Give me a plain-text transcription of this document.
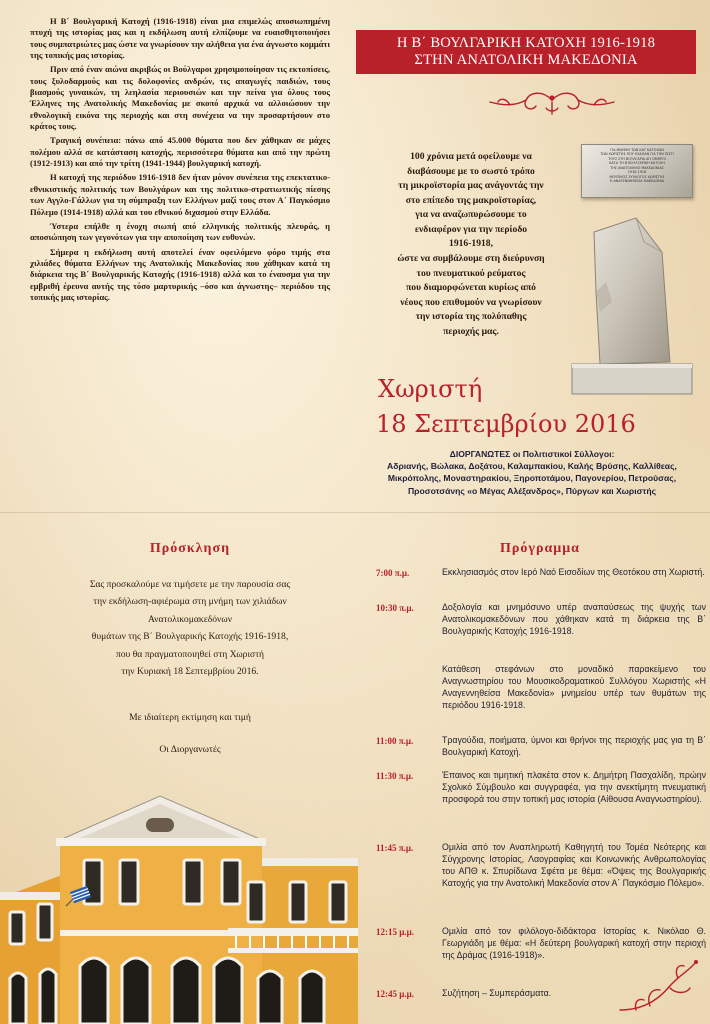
Η Β΄ Βουλγαρική Κατοχή (1916-1918) είναι μια επιμελώς αποσιωπημένη πτυχή της ιστορίας μας και η εκδήλωση αυτή ελπίζουμε να ευαισθητοποιήσει τους συμπατριώτες μας ώστε να γνωρίσουν την αλήθεια για ένα άγνωστο κομμάτι της τοπικής μας ιστορίας.

Πριν από έναν αιώνα ακριβώς οι Βούλγαροι χρησιμοποίησαν τις εκτοπίσεις, τους ξυλοδαρμούς και τις δολοφονίες ανδρών, τις απαγωγές παιδιών, τους βιασμούς γυναικών, τη λεηλασία περιουσιών και την πείνα για όλους τους Έλληνες της Ανατολικής Μακεδονίας με σκοπό αρχικά να αλλοιώσουν την εθνολογική εικόνα της περιοχής και στη συνέχεια να την προσαρτήσουν στο κράτος τους.

Τραγική συνέπεια: πάνω από 45.000 θύματα που δεν χάθηκαν σε μάχες πολέμου αλλά σε κατάσταση κατοχής, περισσότερα θύματα και από την πρώτη (1912-1913) και από την τρίτη (1941-1944) βουλγαρική κατοχή.

Η κατοχή της περιόδου 1916-1918 δεν ήταν μόνον συνέπεια της επεκτατικο-εθνικιστικής πολιτικής των Βουλγάρων και της πολιτικο-στρατιωτικής πίεσης των Αγγλο-Γάλλων για τη σύμπραξη των Ελλήνων μαζί τους στον Α΄ Παγκόσμιο Πόλεμο (1914-1918) αλλά και του εθνικού διχασμού στην Ελλάδα.

Ύστερα επήλθε η ένοχη σιωπή από ελληνικής πολιτικής πλευράς, η αποσιώπηση των γεγονότων για την αποποίηση των ευθυνών.

Σήμερα η εκδήλωση αυτή αποτελεί έναν οφειλόμενο φόρο τιμής στα χιλιάδες θύματα Ελλήνων της Ανατολικής Μακεδονίας που χάθηκαν κατά τη διάρκεια της Β΄ Βουλγαρικής Κατοχής (1916-1918) αλλά και το έναυσμα για την εμβριθή έρευνα αυτής της τόσο μαρτυρικής –όσο και άγνωστης– περιόδου της τοπικής μας ιστορίας.

Η Β΄ ΒΟΥΛΓΑΡΙΚΗ ΚΑΤΟΧΗ 1916-1918
ΣΤΗΝ ΑΝΑΤΟΛΙΚΗ ΜΑΚΕΔΟΝΙΑ
100 χρόνια μετά οφείλουμε να
διαβάσουμε με το σωστό τρόπο
τη μικροϊστορία μας ανάγοντάς την
στο επίπεδο της μακροϊστορίας,
για να αναζωπυρώσουμε το
ενδιαφέρον για την περίοδο
1916-1918,
ώστε να συμβάλουμε στη διεύρυνση
του πνευματικού ρεύματος
που διαμορφώνεται κυρίως από
νέους που επιθυμούν να γνωρίσουν
την ιστορία της πολύπαθης
περιοχής μας.
ΓΙΑ ΜΝΗΜΗ ΤΩΝ ΚΑΤ ΚΑΤΟΧΩΝ
ΤΩΝ ΧΩΡΙΣΤΗΣ ΠΟΥ ΕΧΑΘΑΝ ΓΙΑ ΤΗΝ ΠΙΣΤΙ
ΤΟΥΣ ΣΤΗ ΒΟΥΛΓΑΡΙΑ ΑΠ ΟΜΗΡΟΙ
ΚΑΤΑ ΤΗ Β ΒΟΥΛΓΑΡΙΚΗ ΚΑΤΟΧΗ
ΤΗΣ ΑΝΑΤΟΛΙΚΗΣ ΜΑΚΕΔΟΝΙΑΣ
1916-1918
ΜΟΥΣΙΚΟΣ ΣΥΛΛΟΓΟΣ ΧΩΡΙΣΤΗΣ
Η ΑΝΑΓΕΝΝΗΘΕΙΣΑ ΜΑΚΕΔΟΝΙΑ
Χωριστή
18 Σεπτεμβρίου 2016
ΔΙΟΡΓΑΝΩΤΕΣ οι Πολιτιστικοί Σύλλογοι:
Αδριανής, Βώλακα, Δοξάτου, Καλαμπακίου, Καλής Βρύσης, Καλλίθεας,
Μικρόπολης, Μοναστηρακίου, Ξηροποτάμου, Παγονερίου, Πετρούσας,
Προσοτσάνης «ο Μέγας Αλέξανδρος», Πύργων και Χωριστής
Πρόσκληση
Σας προσκαλούμε να τιμήσετε με την παρουσία σας
την εκδήλωση-αφιέρωμα στη μνήμη των χιλιάδων
Ανατολικομακεδόνων
θυμάτων της Β΄ Βουλγαρικής Κατοχής 1916-1918,
που θα πραγματοποιηθεί στη Χωριστή
την Κυριακή 18 Σεπτεμβρίου 2016.
Με ιδιαίτερη εκτίμηση και τιμή
Οι Διοργανωτές
Πρόγραμμα
7:00 π.μ.	Εκκλησιασμός στον Ιερό Ναό Εισοδίων της Θεοτόκου στη Χωριστή.
10:30 π.μ.	Δοξολογία και μνημόσυνο υπέρ αναπαύσεως της ψυχής των Ανατολικομακεδόνων που χάθηκαν κατά τη διάρκεια της Β΄ Βουλγαρικής Κατοχής 1916-1918.
Κατάθεση στεφάνων στο μοναδικό παρακείμενο του Αναγνωστηρίου του Μουσικοδραματικού Συλλόγου Χωριστής «Η Αναγεννηθείσα Μακεδονία» μνημείου υπέρ των θυμάτων της περιόδου 1916-1918.
11:00 π.μ.	Τραγούδια, ποιήματα, ύμνοι και θρήνοι της περιοχής μας για τη Β΄ Βουλγαρική Κατοχή.
11:30 π.μ.	Έπαινος και τιμητική πλακέτα στον κ. Δημήτρη Πασχαλίδη, πρώην Σχολικό Σύμβουλο και συγγραφέα, για την ανεκτίμητη πνευματική προσφορά του στην τοπική μας ιστορία (Αίθουσα Αναγνωστηρίου).
11:45 π.μ.	Ομιλία από τον Αναπληρωτή Καθηγητή του Τομέα Νεότερης και Σύγχρονης Ιστορίας, Λαογραφίας και Κοινωνικής Ανθρωπολογίας του ΑΠΘ κ. Σπυρίδωνα Σφέτα με θέμα: «Όψεις της Βουλγαρικής Κατοχής για την Ανατολική Μακεδονία στον Α΄ Παγκόσμιο Πόλεμο».
12:15 μ.μ.	Ομιλία από τον φιλόλογο-διδάκτορα Ιστορίας κ. Νικόλαο Θ. Γεωργιάδη με θέμα: «Η δεύτερη βουλγαρική κατοχή στην περιοχή της Δράμας (1916-1918)».
12:45 μ.μ.	Συζήτηση – Συμπεράσματα.
